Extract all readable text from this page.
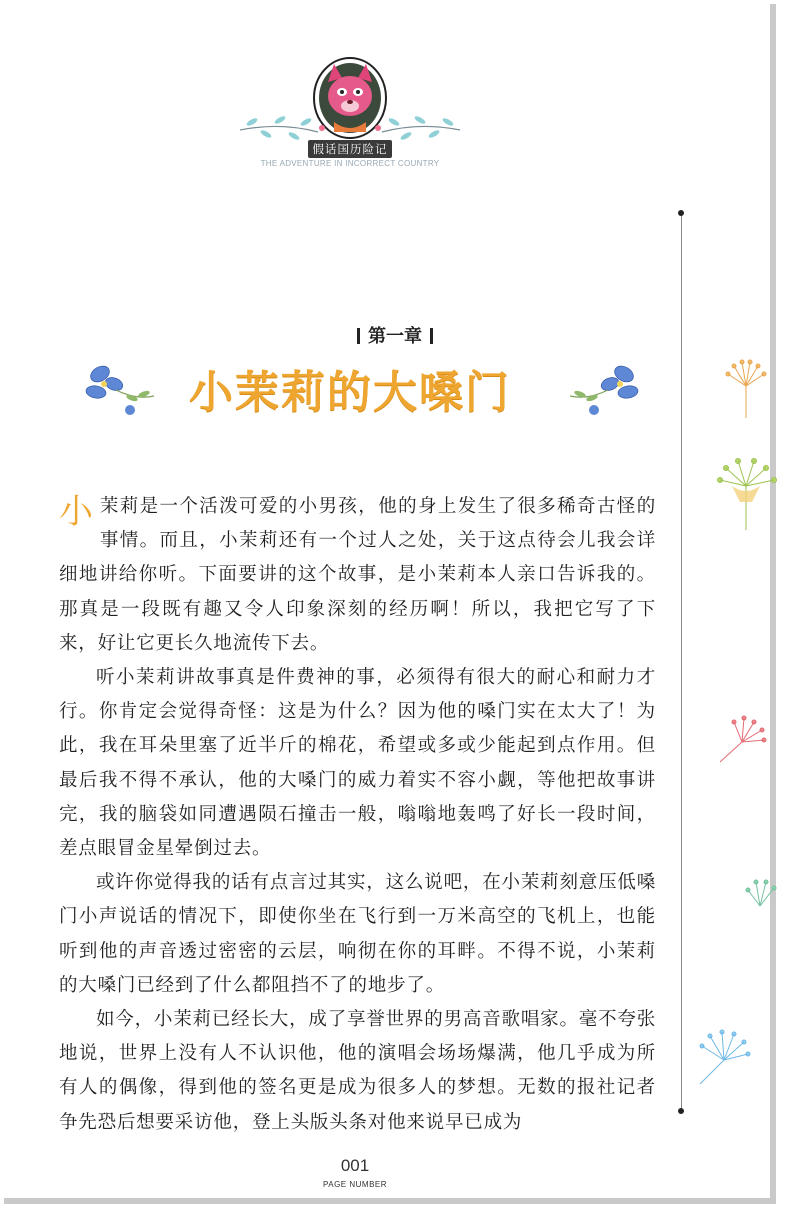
假话国历险记
THE ADVENTURE IN INCORRECT COUNTRY
第一章
小茉莉的大嗓门

小茉莉是一个活泼可爱的小男孩，他的身上发生了很多稀奇古怪的事情。而且，小茉莉还有一个过人之处，关于这点待会儿我会详细地讲给你听。下面要讲的这个故事，是小茉莉本人亲口告诉我的。那真是一段既有趣又令人印象深刻的经历啊！所以，我把它写了下来，好让它更长久地流传下去。

听小茉莉讲故事真是件费神的事，必须得有很大的耐心和耐力才行。你肯定会觉得奇怪：这是为什么？因为他的嗓门实在太大了！为此，我在耳朵里塞了近半斤的棉花，希望或多或少能起到点作用。但最后我不得不承认，他的大嗓门的威力着实不容小觑，等他把故事讲完，我的脑袋如同遭遇陨石撞击一般，嗡嗡地轰鸣了好长一段时间，差点眼冒金星晕倒过去。

或许你觉得我的话有点言过其实，这么说吧，在小茉莉刻意压低嗓门小声说话的情况下，即使你坐在飞行到一万米高空的飞机上，也能听到他的声音透过密密的云层，响彻在你的耳畔。不得不说，小茉莉的大嗓门已经到了什么都阻挡不了的地步了。

如今，小茉莉已经长大，成了享誉世界的男高音歌唱家。毫不夸张地说，世界上没有人不认识他，他的演唱会场场爆满，他几乎成为所有人的偶像，得到他的签名更是成为很多人的梦想。无数的报社记者争先恐后想要采访他，登上头版头条对他来说早已成为

001
PAGE NUMBER
